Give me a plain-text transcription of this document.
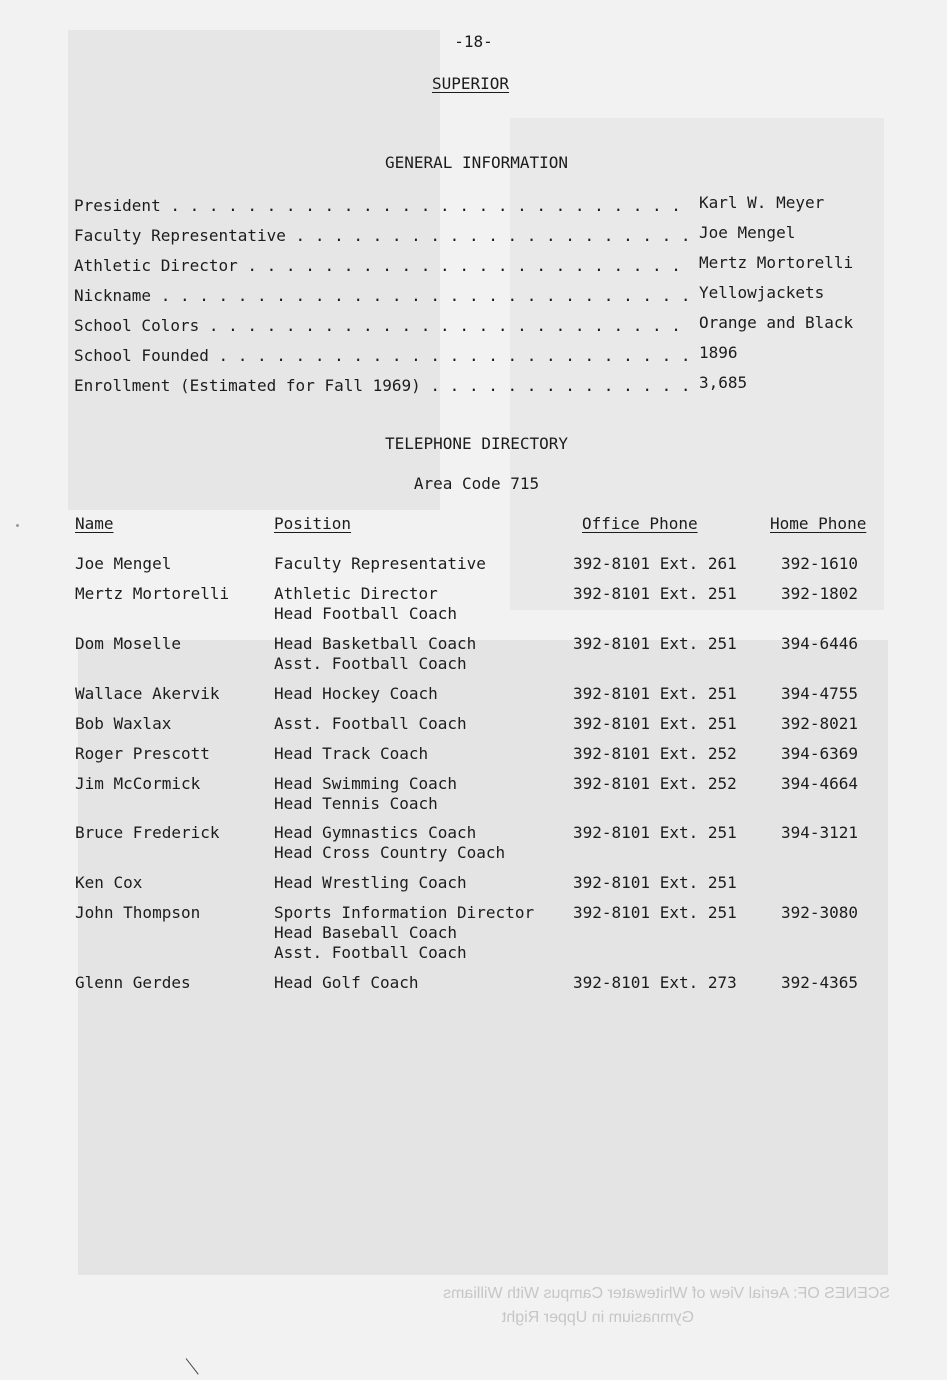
SCENES OF: Aerial View of Whitewater Campus With Williams
Gymnasium in Upper Right
-18-
SUPERIOR
GENERAL INFORMATION
President . . .	Karl W. Meyer
Faculty Representative . . .	Joe Mengel
Athletic Director . . .	Mertz Mortorelli
Nickname . . .	Yellowjackets
School Colors . . .	Orange and Black
School Founded . . .	1896
Enrollment (Estimated for Fall 1969) . . .	3,685
TELEPHONE DIRECTORY
Area Code 715
Name	Position	Office Phone	Home Phone
Joe Mengel	Faculty Representative	392-8101 Ext. 261	392-1610
Mertz Mortorelli	Athletic Director
Head Football Coach
392-8101 Ext. 251	392-1802
Dom Moselle	Head Basketball Coach
Asst. Football Coach
392-8101 Ext. 251	394-6446
Wallace Akervik	Head Hockey Coach	392-8101 Ext. 251	394-4755
Bob Waxlax	Asst. Football Coach	392-8101 Ext. 251	392-8021
Roger Prescott	Head Track Coach	392-8101 Ext. 252	394-6369
Jim McCormick	Head Swimming Coach
Head Tennis Coach
392-8101 Ext. 252	394-4664
Bruce Frederick	Head Gymnastics Coach
Head Cross Country Coach
392-8101 Ext. 251	394-3121
Ken Cox	Head Wrestling Coach	392-8101 Ext. 251
John Thompson	Sports Information Director
Head Baseball Coach
Asst. Football Coach
392-8101 Ext. 251	392-3080
Glenn Gerdes	Head Golf Coach	392-8101 Ext. 273	392-4365
